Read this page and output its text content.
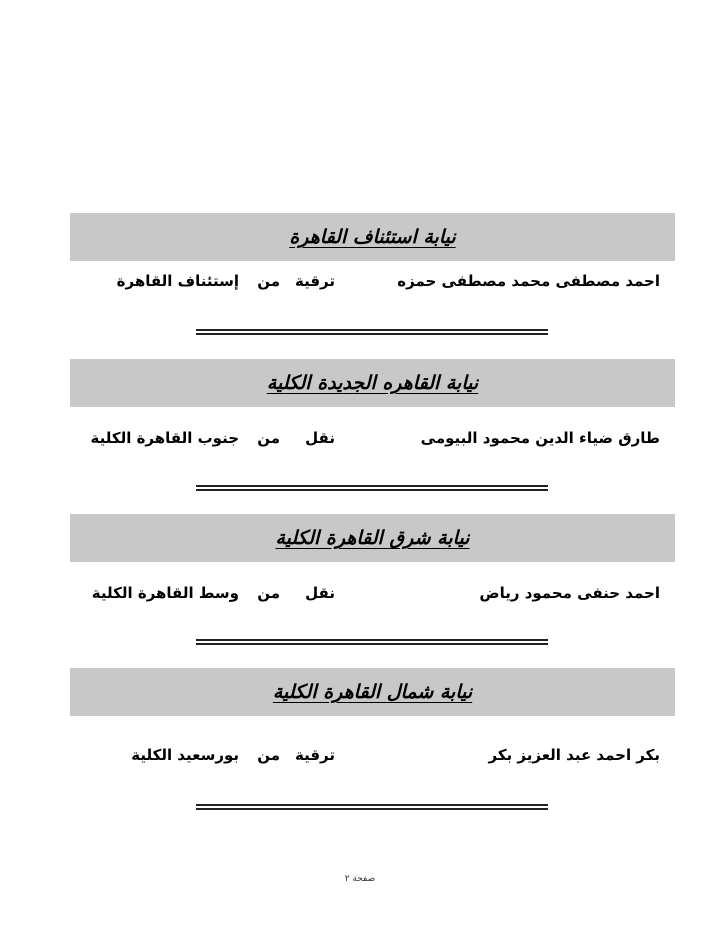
نيابة استئناف القاهرة
احمد مصطفى محمد مصطفى حمزه
ترقية
من
إستئناف القاهرة
نيابة القاهره الجديدة الكلية
طارق ضياء الدين محمود البيومى
نقل
من
جنوب القاهرة الكلية
نيابة شرق القاهرة الكلية
احمد حنفى محمود رياض
نقل
من
وسط القاهرة الكلية
نيابة شمال القاهرة الكلية
بكر احمد عبد العزيز بكر
ترقية
من
بورسعيد الكلية
صفحة ٢
